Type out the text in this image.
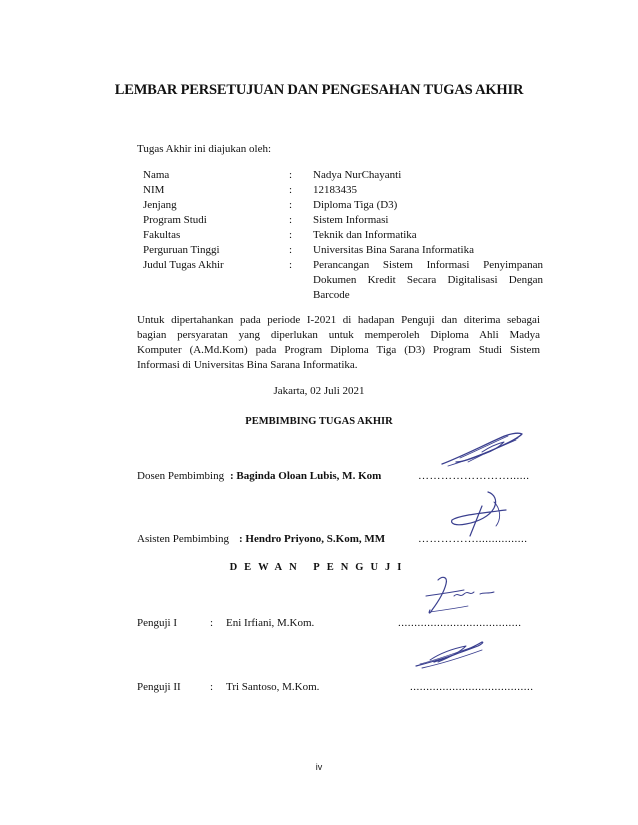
LEMBAR PERSETUJUAN DAN PENGESAHAN TUGAS AKHIR
Tugas Akhir ini diajukan oleh:
Nama	:	Nadya NurChayanti
NIM	:	12183435
Jenjang	:	Diploma Tiga (D3)
Program Studi	:	Sistem Informasi
Fakultas	:	Teknik dan Informatika
Perguruan Tinggi	:	Universitas Bina Sarana Informatika
Judul Tugas Akhir	:	Perancangan Sistem Informasi Penyimpanan
Dokumen Kredit Secara Digitalisasi Dengan
Barcode
Untuk dipertahankan pada periode I-2021 di hadapan Penguji dan diterima sebagai
bagian persyaratan yang diperlukan untuk memperoleh Diploma Ahli Madya
Komputer (A.Md.Kom) pada Program Diploma Tiga (D3) Program Studi Sistem
Informasi di Universitas Bina Sarana Informatika.
Jakarta, 02 Juli 2021
PEMBIMBING TUGAS AKHIR
Dosen Pembimbing : Baginda Oloan Lubis, M. Kom	……………………......
Asisten Pembimbing : Hendro Priyono, S.Kom, MM	……………................
DEWAN PENGUJI
Penguji I	: Eni Irfiani, M.Kom.	......................................
Penguji II	: Tri Santoso, M.Kom.	......................................
iv
